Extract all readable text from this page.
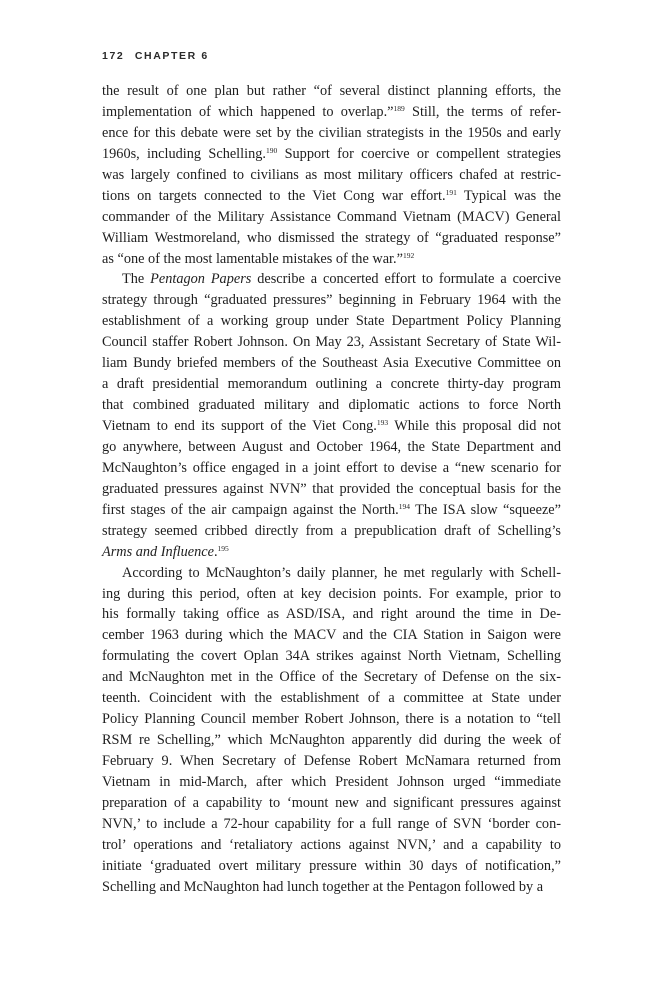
172 CHAPTER 6
the result of one plan but rather “of several distinct planning efforts, the
implementation of which happened to overlap.”$^{189}$ Still, the terms of refer-
ence for this debate were set by the civilian strategists in the 1950s and early
1960s, including Schelling.$^{190}$ Support for coercive or compellent strategies
was largely confined to civilians as most military officers chafed at restric-
tions on targets connected to the Viet Cong war effort.$^{191}$ Typical was the
commander of the Military Assistance Command Vietnam (MACV) General
William Westmoreland, who dismissed the strategy of “graduated response”
as “one of the most lamentable mistakes of the war.”$^{192}$
The Pentagon Papers describe a concerted effort to formulate a coercive
strategy through “graduated pressures” beginning in February 1964 with the
establishment of a working group under State Department Policy Planning
Council staffer Robert Johnson. On May 23, Assistant Secretary of State Wil-
liam Bundy briefed members of the Southeast Asia Executive Committee on
a draft presidential memorandum outlining a concrete thirty-day program
that combined graduated military and diplomatic actions to force North
Vietnam to end its support of the Viet Cong.$^{193}$ While this proposal did not
go anywhere, between August and October 1964, the State Department and
McNaughton’s office engaged in a joint effort to devise a “new scenario for
graduated pressures against NVN” that provided the conceptual basis for the
first stages of the air campaign against the North.$^{194}$ The ISA slow “squeeze”
strategy seemed cribbed directly from a prepublication draft of Schelling’s
Arms and Influence.$^{195}$
According to McNaughton’s daily planner, he met regularly with Schell-
ing during this period, often at key decision points. For example, prior to
his formally taking office as ASD/ISA, and right around the time in De-
cember 1963 during which the MACV and the CIA Station in Saigon were
formulating the covert Oplan 34A strikes against North Vietnam, Schelling
and McNaughton met in the Office of the Secretary of Defense on the six-
teenth. Coincident with the establishment of a committee at State under
Policy Planning Council member Robert Johnson, there is a notation to “tell
RSM re Schelling,” which McNaughton apparently did during the week of
February 9. When Secretary of Defense Robert McNamara returned from
Vietnam in mid-March, after which President Johnson urged “immediate
preparation of a capability to ‘mount new and significant pressures against
NVN,’ to include a 72-hour capability for a full range of SVN ‘border con-
trol’ operations and ‘retaliatory actions against NVN,’ and a capability to
initiate ‘graduated overt military pressure within 30 days of notification,”
Schelling and McNaughton had lunch together at the Pentagon followed by a
